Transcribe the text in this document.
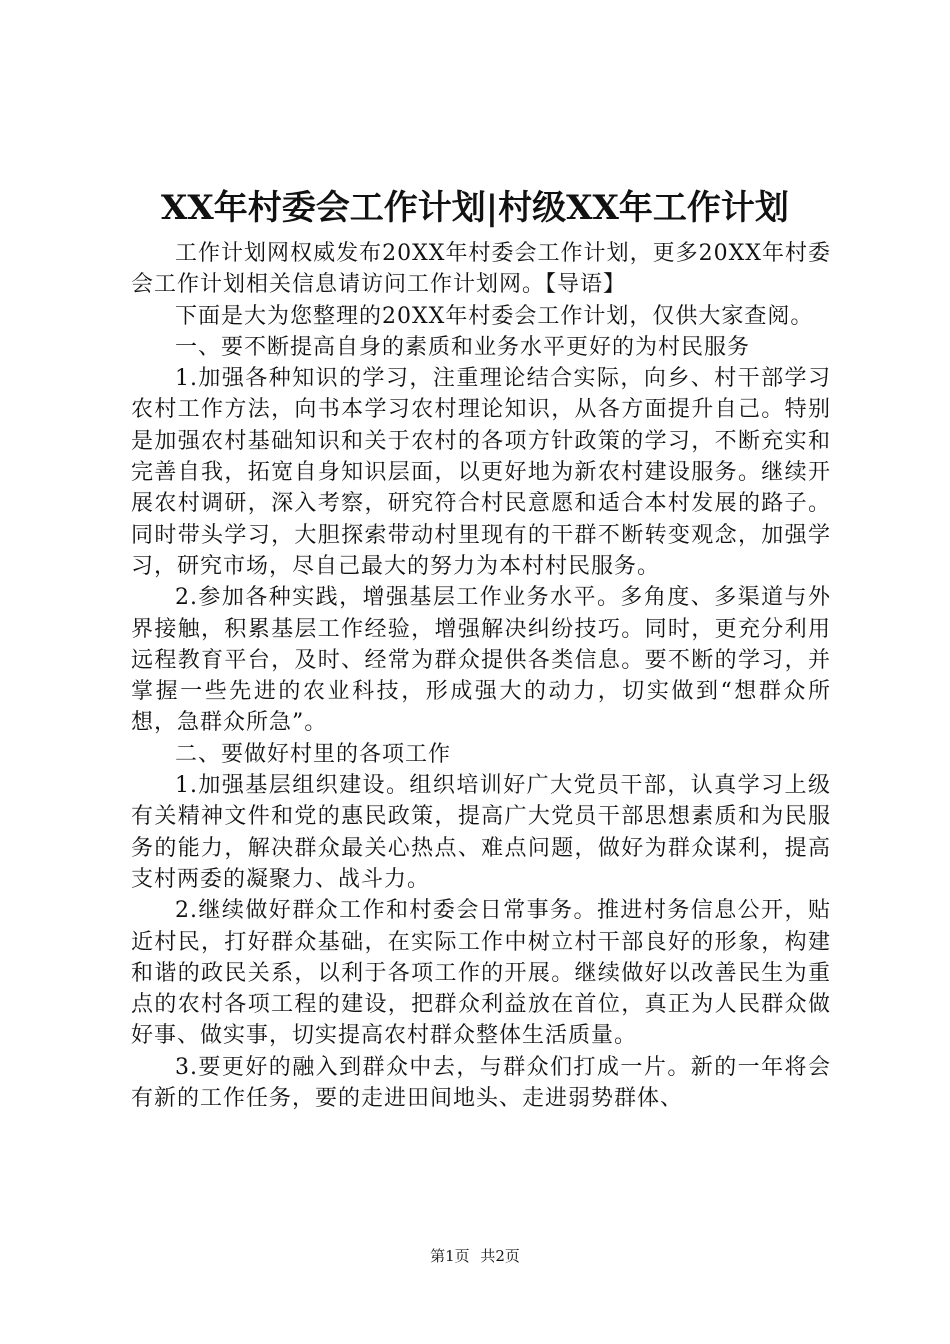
XX年村委会工作计划|村级XX年工作计划

工作计划网权威发布20XX年村委会工作计划，更多20XX年村委会工作计划相关信息请访问工作计划网。【导语】

下面是大为您整理的20XX年村委会工作计划，仅供大家查阅。

一、要不断提高自身的素质和业务水平更好的为村民服务

1.加强各种知识的学习，注重理论结合实际，向乡、村干部学习农村工作方法，向书本学习农村理论知识，从各方面提升自己。特别是加强农村基础知识和关于农村的各项方针政策的学习，不断充实和完善自我，拓宽自身知识层面，以更好地为新农村建设服务。继续开展农村调研，深入考察，研究符合村民意愿和适合本村发展的路子。同时带头学习，大胆探索带动村里现有的干群不断转变观念，加强学习，研究市场，尽自己最大的努力为本村村民服务。

2.参加各种实践，增强基层工作业务水平。多角度、多渠道与外界接触，积累基层工作经验，增强解决纠纷技巧。同时，更充分利用远程教育平台，及时、经常为群众提供各类信息。要不断的学习，并掌握一些先进的农业科技，形成强大的动力，切实做到“想群众所想，急群众所急”。

二、要做好村里的各项工作

1.加强基层组织建设。组织培训好广大党员干部，认真学习上级有关精神文件和党的惠民政策，提高广大党员干部思想素质和为民服务的能力，解决群众最关心热点、难点问题，做好为群众谋利，提高支村两委的凝聚力、战斗力。

2.继续做好群众工作和村委会日常事务。推进村务信息公开，贴近村民，打好群众基础，在实际工作中树立村干部良好的形象，构建和谐的政民关系，以利于各项工作的开展。继续做好以改善民生为重点的农村各项工程的建设，把群众利益放在首位，真正为人民群众做好事、做实事，切实提高农村群众整体生活质量。

3.要更好的融入到群众中去，与群众们打成一片。新的一年将会有新的工作任务，要的走进田间地头、走进弱势群体、

第1页 共2页
